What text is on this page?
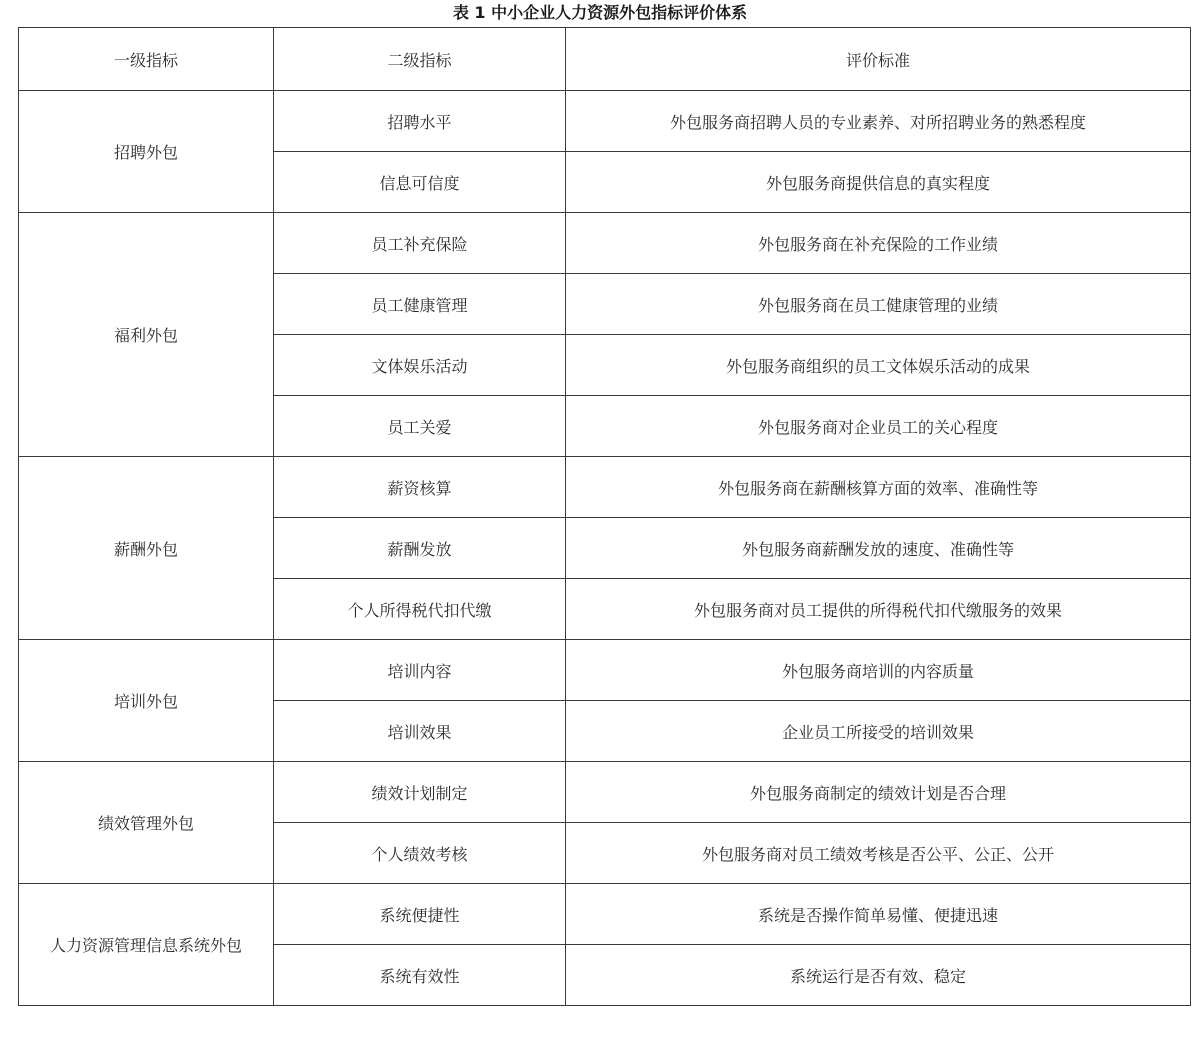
表 1 中小企业人力资源外包指标评价体系
一级指标	二级指标	评价标准
招聘外包	招聘水平	外包服务商招聘人员的专业素养、对所招聘业务的熟悉程度
	信息可信度	外包服务商提供信息的真实程度
福利外包	员工补充保险	外包服务商在补充保险的工作业绩
	员工健康管理	外包服务商在员工健康管理的业绩
	文体娱乐活动	外包服务商组织的员工文体娱乐活动的成果
	员工关爱	外包服务商对企业员工的关心程度
薪酬外包	薪资核算	外包服务商在薪酬核算方面的效率、准确性等
	薪酬发放	外包服务商薪酬发放的速度、准确性等
	个人所得税代扣代缴	外包服务商对员工提供的所得税代扣代缴服务的效果
培训外包	培训内容	外包服务商培训的内容质量
	培训效果	企业员工所接受的培训效果
绩效管理外包	绩效计划制定	外包服务商制定的绩效计划是否合理
	个人绩效考核	外包服务商对员工绩效考核是否公平、公正、公开
人力资源管理信息系统外包	系统便捷性	系统是否操作简单易懂、便捷迅速
	系统有效性	系统运行是否有效、稳定
